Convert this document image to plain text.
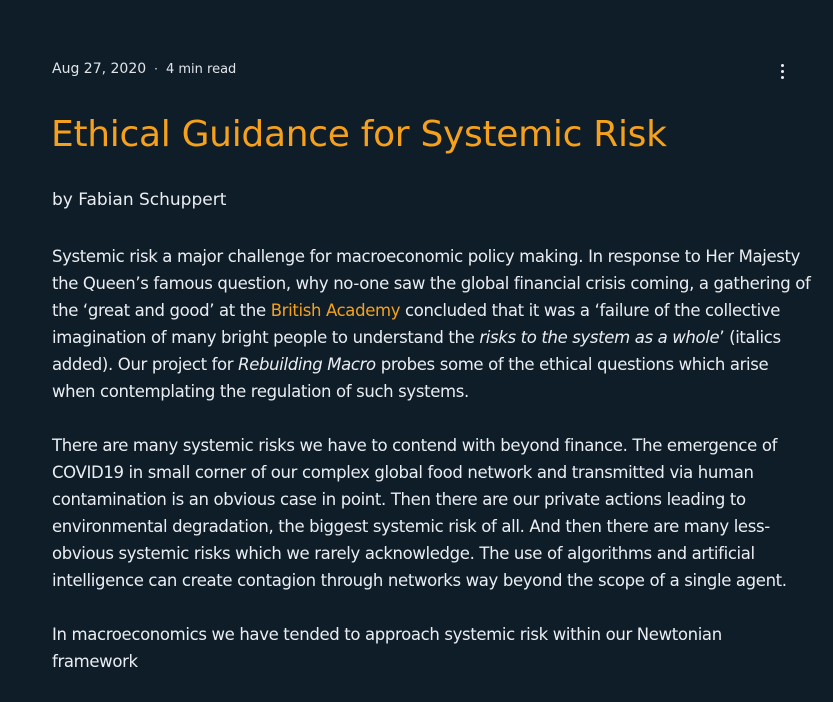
Aug 27, 2020 · 4 min read
Ethical Guidance for Systemic Risk
by Fabian Schuppert

Systemic risk a major challenge for macroeconomic policy making. In response to Her Majesty the Queen’s famous question, why no-one saw the global financial crisis coming, a gathering of the ‘great and good’ at the British Academy concluded that it was a ‘failure of the collective imagination of many bright people to understand the risks to the system as a whole’ (italics added). Our project for Rebuilding Macro probes some of the ethical questions which arise when contemplating the regulation of such systems.

There are many systemic risks we have to contend with beyond finance. The emergence of COVID19 in small corner of our complex global food network and transmitted via human contamination is an obvious case in point. Then there are our private actions leading to environmental degradation, the biggest systemic risk of all. And then there are many less-obvious systemic risks which we rarely acknowledge. The use of algorithms and artificial intelligence can create contagion through networks way beyond the scope of a single agent.

In macroeconomics we have tended to approach systemic risk within our Newtonian framework
